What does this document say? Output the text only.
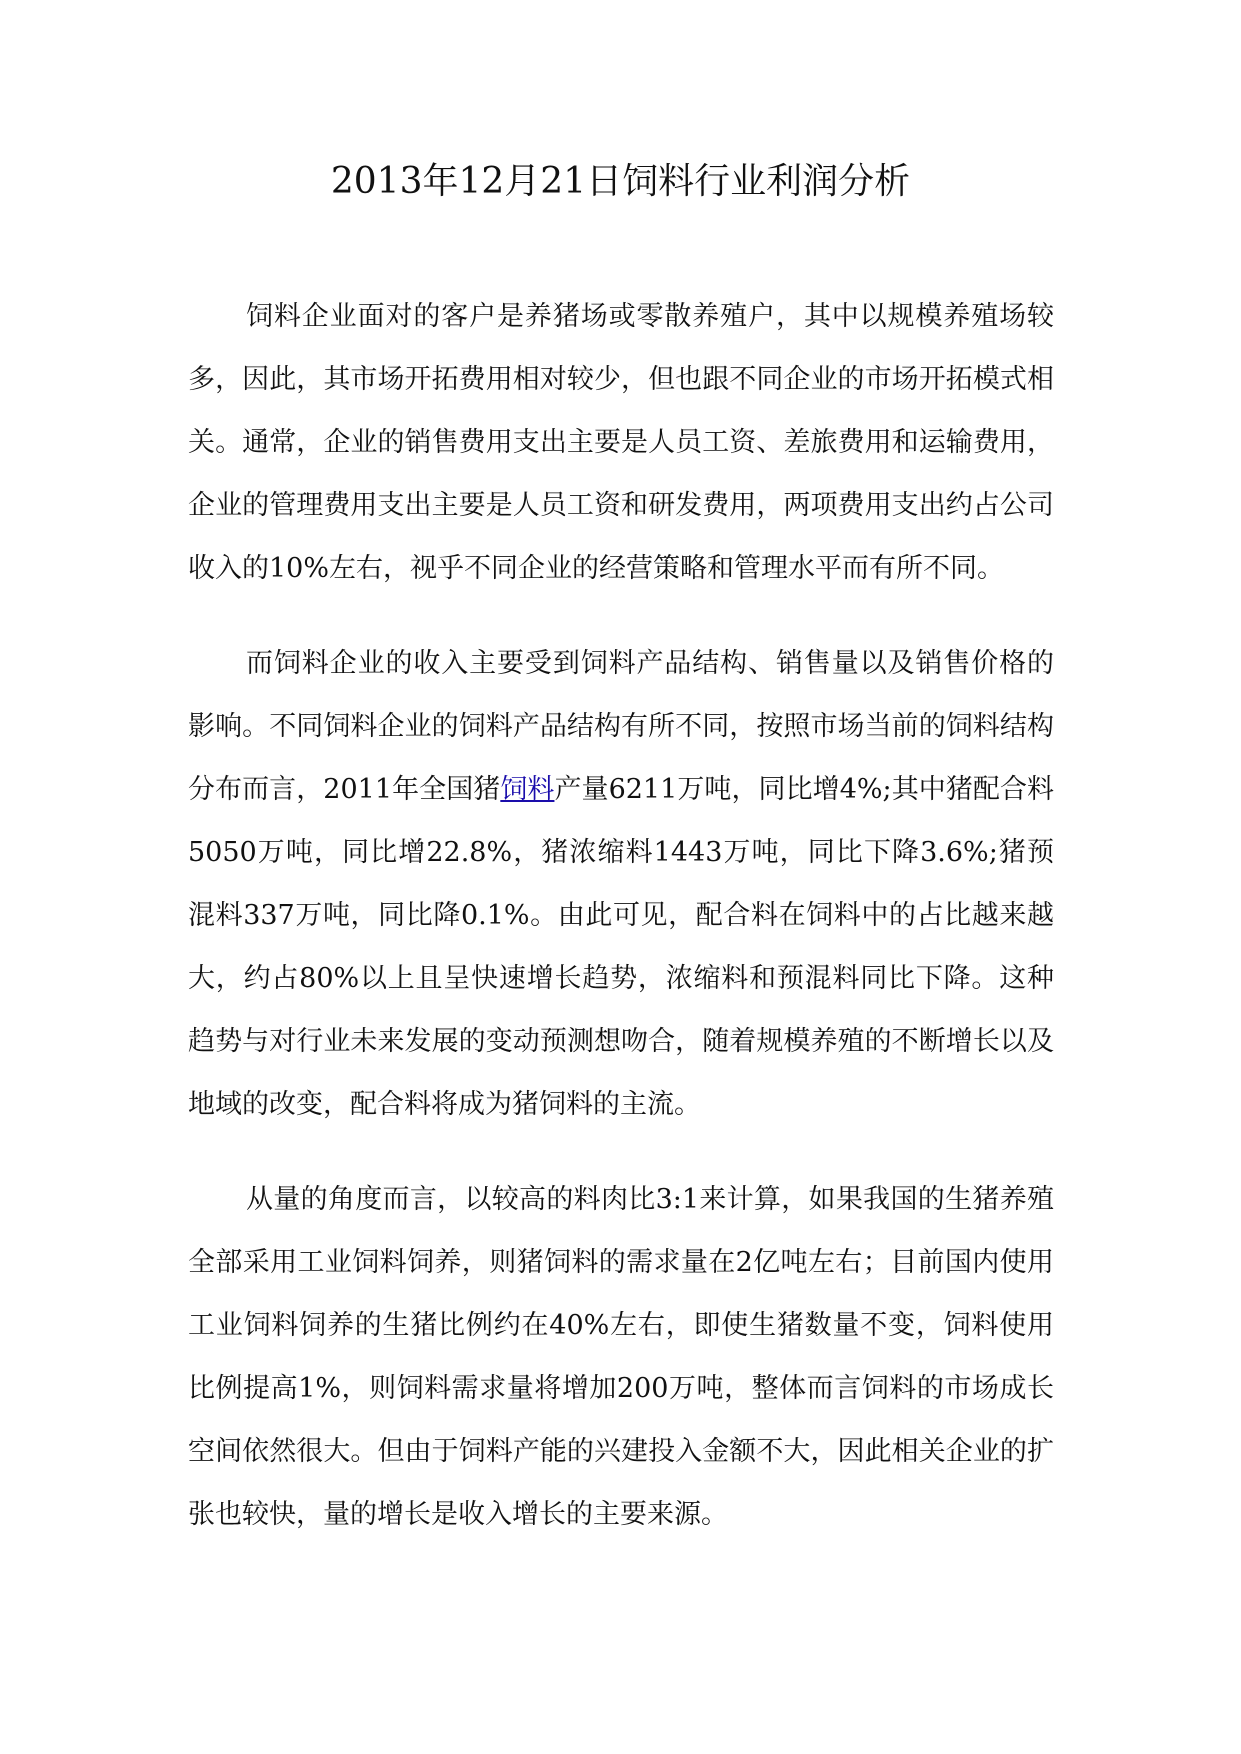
2013年12月21日饲料行业利润分析

饲料企业面对的客户是养猪场或零散养殖户，其中以规模养殖场较多，因此，其市场开拓费用相对较少，但也跟不同企业的市场开拓模式相关。通常，企业的销售费用支出主要是人员工资、差旅费用和运输费用，企业的管理费用支出主要是人员工资和研发费用，两项费用支出约占公司收入的10%左右，视乎不同企业的经营策略和管理水平而有所不同。

而饲料企业的收入主要受到饲料产品结构、销售量以及销售价格的影响。不同饲料企业的饲料产品结构有所不同，按照市场当前的饲料结构分布而言，2011年全国猪饲料产量6211万吨，同比增4%;其中猪配合料5050万吨，同比增22.8%，猪浓缩料1443万吨，同比下降3.6%;猪预混料337万吨，同比降0.1%。由此可见，配合料在饲料中的占比越来越大，约占80%以上且呈快速增长趋势，浓缩料和预混料同比下降。这种趋势与对行业未来发展的变动预测想吻合，随着规模养殖的不断增长以及地域的改变，配合料将成为猪饲料的主流。

从量的角度而言，以较高的料肉比3:1来计算，如果我国的生猪养殖全部采用工业饲料饲养，则猪饲料的需求量在2亿吨左右；目前国内使用工业饲料饲养的生猪比例约在40%左右，即使生猪数量不变，饲料使用比例提高1%，则饲料需求量将增加200万吨，整体而言饲料的市场成长空间依然很大。但由于饲料产能的兴建投入金额不大，因此相关企业的扩张也较快，量的增长是收入增长的主要来源。
